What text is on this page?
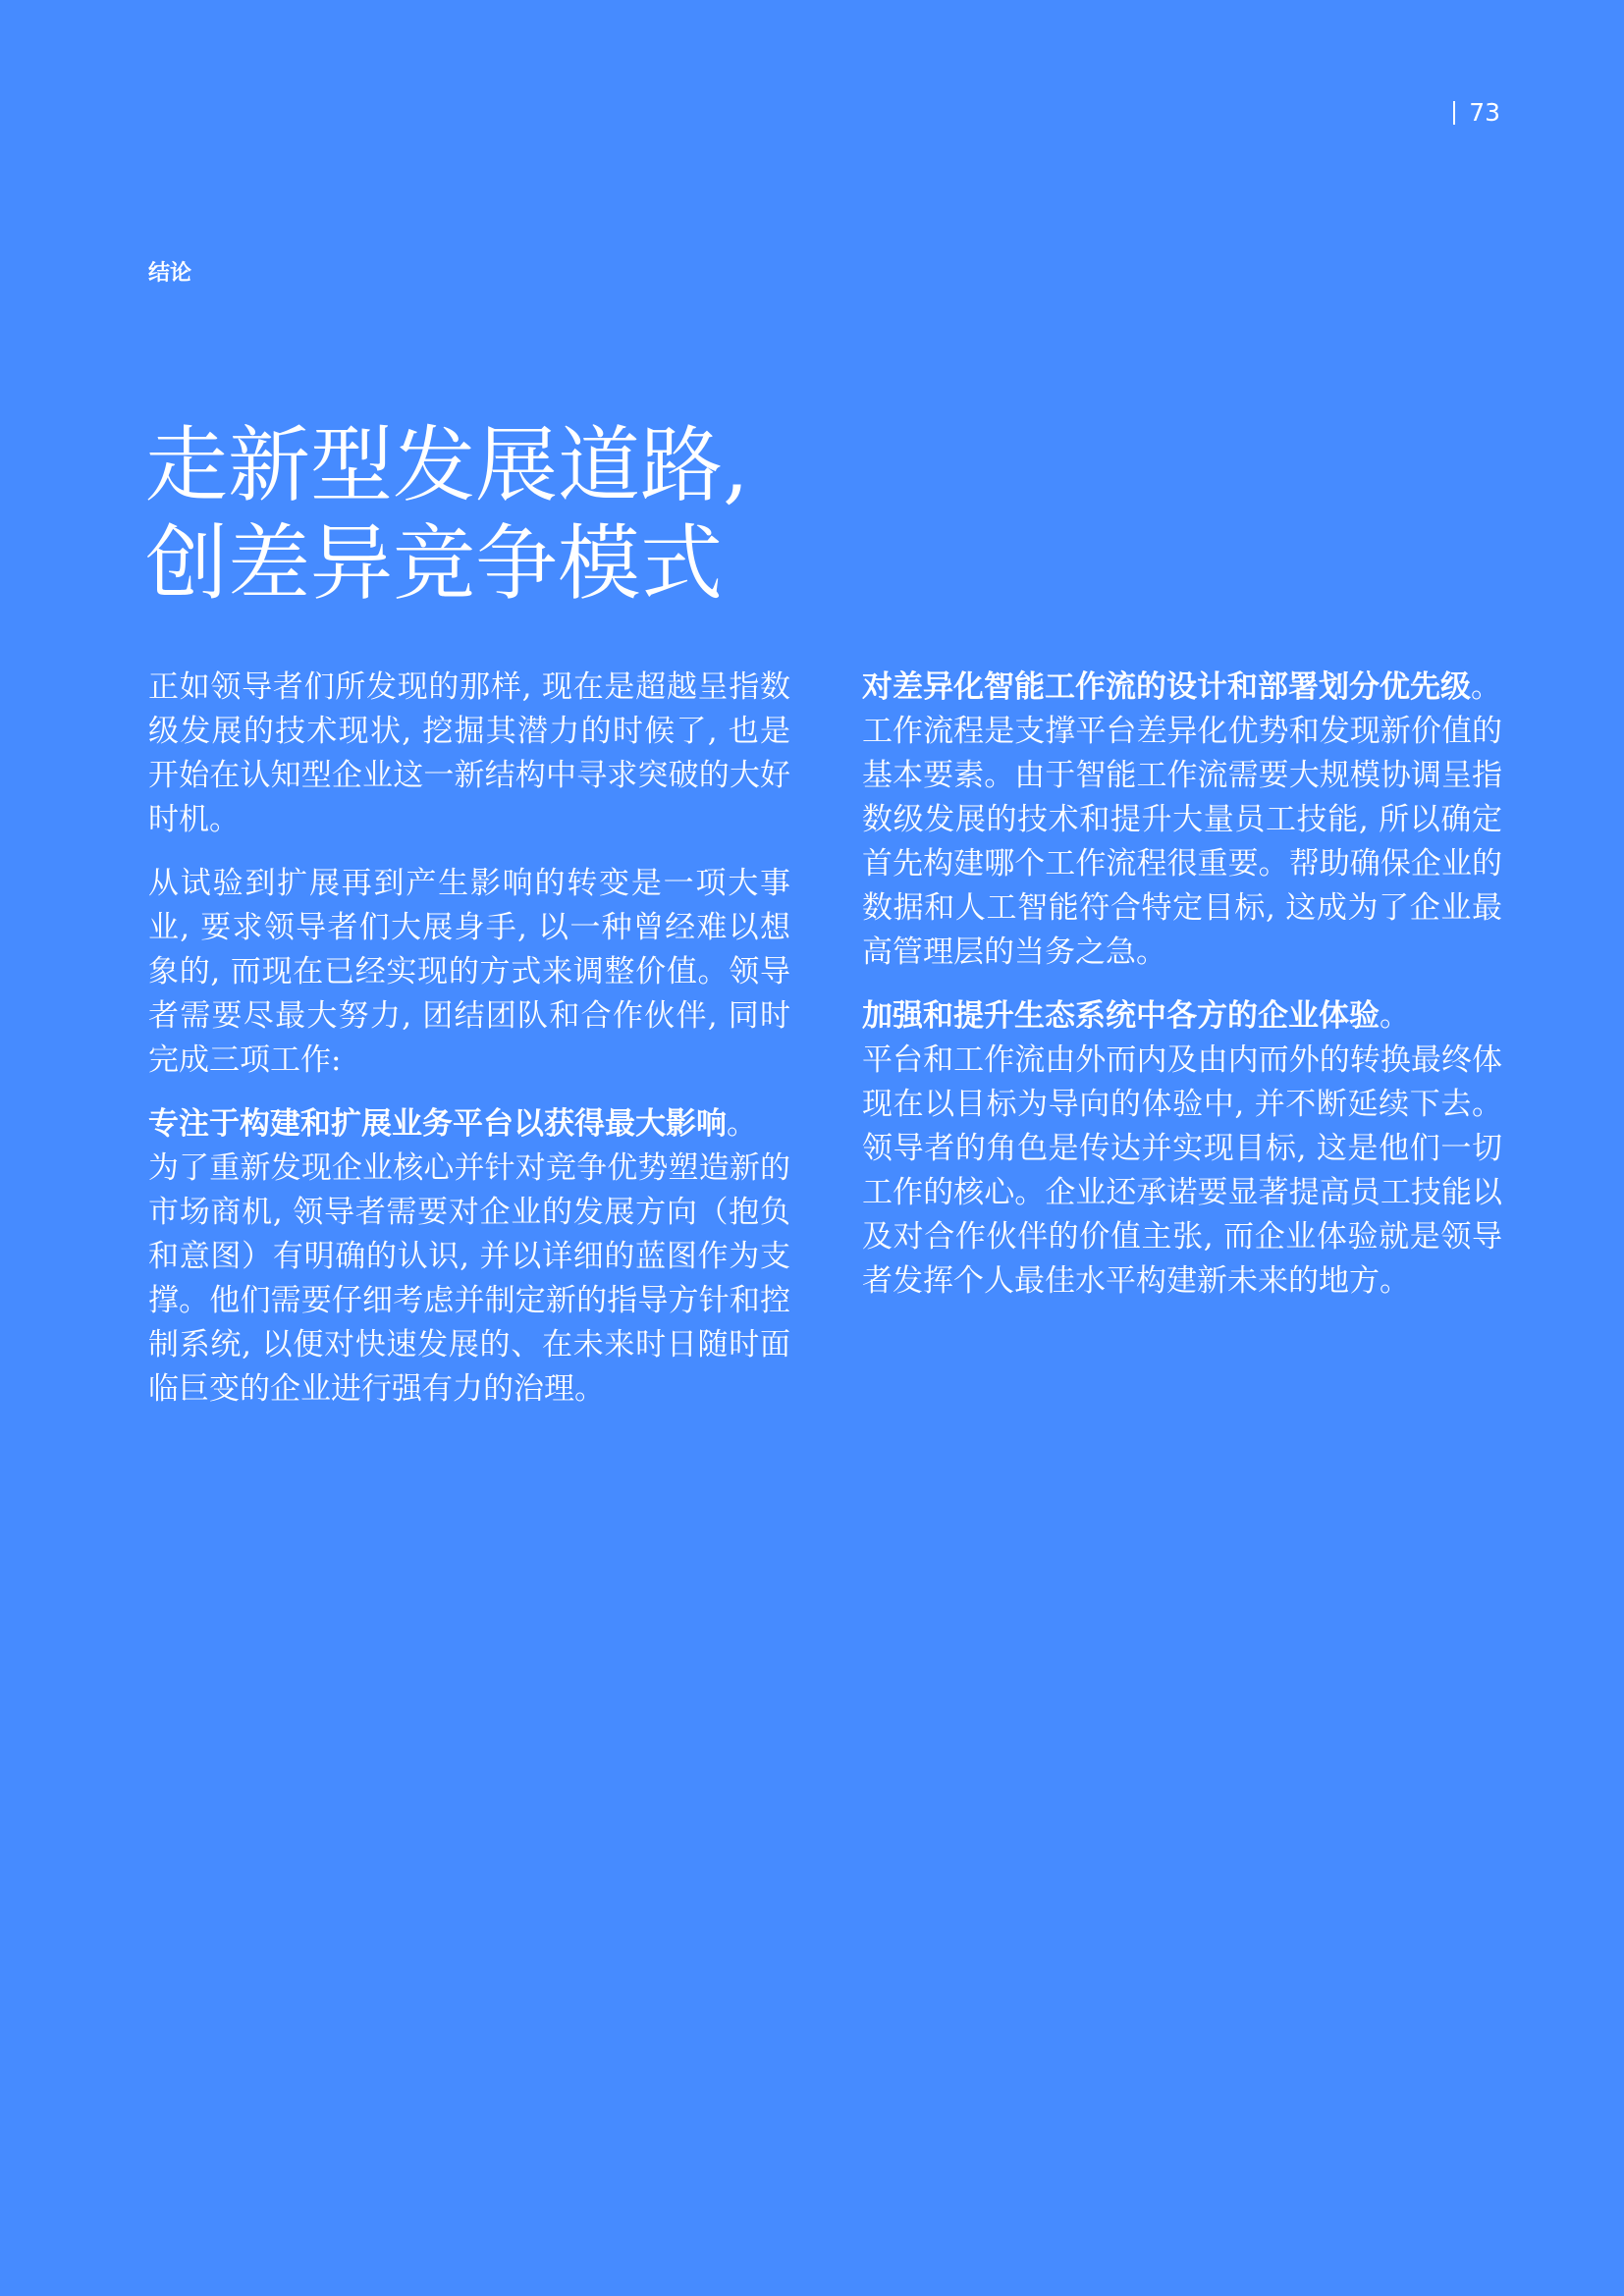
73
结论
走新型发展道路,
创差异竞争模式

正如领导者们所发现的那样, 现在是超越呈指数级发展的技术现状, 挖掘其潜力的时候了, 也是开始在认知型企业这一新结构中寻求突破的大好时机。

从试验到扩展再到产生影响的转变是一项大事业, 要求领导者们大展身手, 以一种曾经难以想象的, 而现在已经实现的方式来调整价值。领导者需要尽最大努力, 团结团队和合作伙伴, 同时完成三项工作:

专注于构建和扩展业务平台以获得最大影响。
为了重新发现企业核心并针对竞争优势塑造新的市场商机, 领导者需要对企业的发展方向（抱负和意图）有明确的认识, 并以详细的蓝图作为支撑。他们需要仔细考虑并制定新的指导方针和控制系统, 以便对快速发展的、在未来时日随时面临巨变的企业进行强有力的治理。
对差异化智能工作流的设计和部署划分优先级。
工作流程是支撑平台差异化优势和发现新价值的基本要素。由于智能工作流需要大规模协调呈指数级发展的技术和提升大量员工技能, 所以确定首先构建哪个工作流程很重要。帮助确保企业的数据和人工智能符合特定目标, 这成为了企业最高管理层的当务之急。
加强和提升生态系统中各方的企业体验。
平台和工作流由外而内及由内而外的转换最终体现在以目标为导向的体验中, 并不断延续下去。领导者的角色是传达并实现目标, 这是他们一切工作的核心。企业还承诺要显著提高员工技能以及对合作伙伴的价值主张, 而企业体验就是领导者发挥个人最佳水平构建新未来的地方。
